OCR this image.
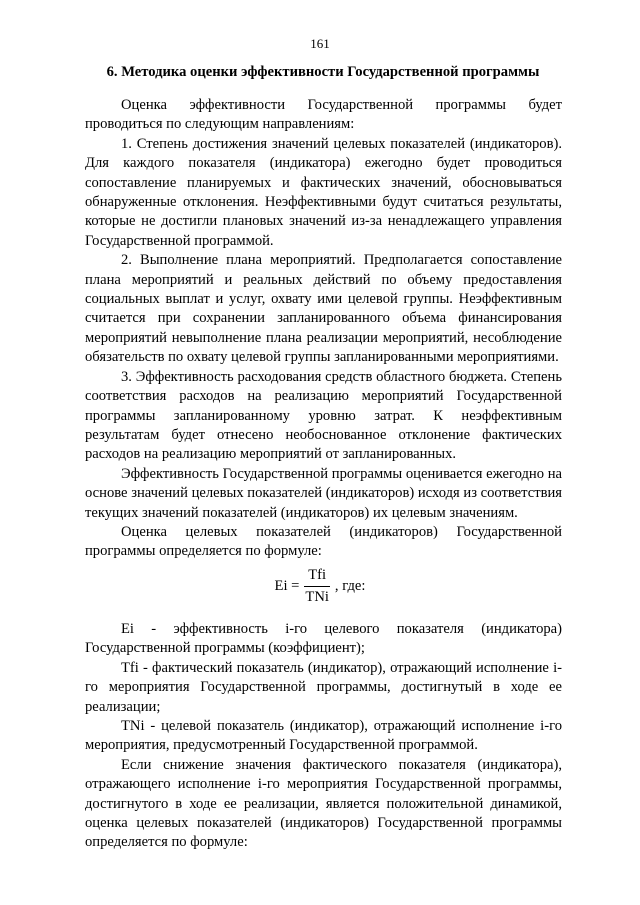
161
6. Методика оценки эффективности Государственной программы

Оценка эффективности Государственной программы будет проводиться по следующим направлениям:

1. Степень достижения значений целевых показателей (индикаторов). Для каждого показателя (индикатора) ежегодно будет проводиться сопоставление планируемых и фактических значений, обосновываться обнаруженные отклонения. Неэффективными будут считаться результаты, которые не достигли плановых значений из-за ненадлежащего управления Государственной программой.

2. Выполнение плана мероприятий. Предполагается сопоставление плана мероприятий и реальных действий по объему предоставления социальных выплат и услуг, охвату ими целевой группы. Неэффективным считается при сохранении запланированного объема финансирования мероприятий невыполнение плана реализации мероприятий, несоблюдение обязательств по охвату целевой группы запланированными мероприятиями.

3. Эффективность расходования средств областного бюджета. Степень соответствия расходов на реализацию мероприятий Государственной программы запланированному уровню затрат. К неэффективным результатам будет отнесено необоснованное отклонение фактических расходов на реализацию мероприятий от запланированных.

Эффективность Государственной программы оценивается ежегодно на основе значений целевых показателей (индикаторов) исходя из соответствия текущих значений показателей (индикаторов) их целевым значениям.

Оценка целевых показателей (индикаторов) Государственной программы определяется по формуле:

$Ei = \frac{\text{Tfi}}{\text{TNi}}$ , где:

Ei - эффективность i-го целевого показателя (индикатора) Государственной программы (коэффициент);

Tfi - фактический показатель (индикатор), отражающий исполнение i-го мероприятия Государственной программы, достигнутый в ходе ее реализации;

TNi - целевой показатель (индикатор), отражающий исполнение i-го мероприятия, предусмотренный Государственной программой.

Если снижение значения фактического показателя (индикатора), отражающего исполнение i-го мероприятия Государственной программы, достигнутого в ходе ее реализации, является положительной динамикой, оценка целевых показателей (индикаторов) Государственной программы определяется по формуле:
